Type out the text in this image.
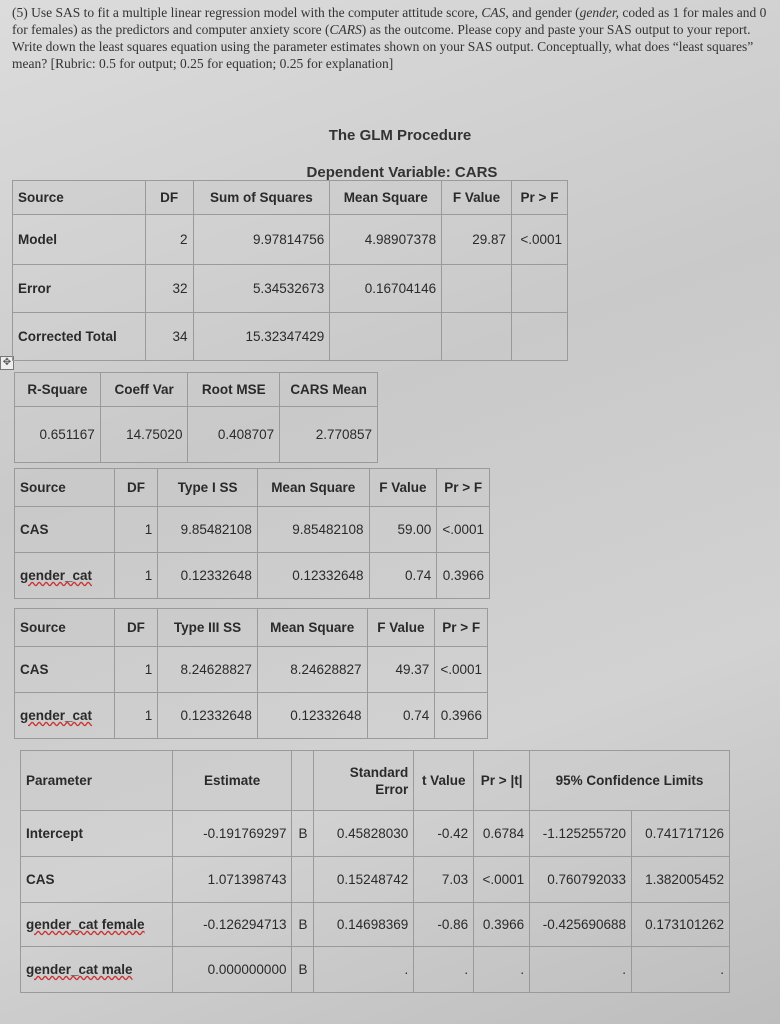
(5) Use SAS to fit a multiple linear regression model with the computer attitude score, CAS, and gender (gender, coded as 1 for males and 0 for females) as the predictors and computer anxiety score (CARS) as the outcome. Please copy and paste your SAS output to your report. Write down the least squares equation using the parameter estimates shown on your SAS output. Conceptually, what does “least squares” mean? [Rubric: 0.5 for output; 0.25 for equation; 0.25 for explanation]

The GLM Procedure
Dependent Variable: CARS
✥
Source	DF	Sum of Squares	Mean Square	F Value	Pr > F
Model	2	9.97814756	4.98907378	29.87	<.0001
Error	32	5.34532673	0.16704146		
Corrected Total	34	15.32347429			
R-Square	Coeff Var	Root MSE	CARS Mean
0.651167	14.75020	0.408707	2.770857
Source	DF	Type I SS	Mean Square	F Value	Pr > F
CAS	1	9.85482108	9.85482108	59.00	<.0001
gender_cat	1	0.12332648	0.12332648	0.74	0.3966
Source	DF	Type III SS	Mean Square	F Value	Pr > F
CAS	1	8.24628827	8.24628827	49.37	<.0001
gender_cat	1	0.12332648	0.12332648	0.74	0.3966
Parameter	Estimate		Standard Error	t Value	Pr > |t|	95% Confidence Limits	
Intercept	-0.191769297	B	0.45828030	-0.42	0.6784	-1.125255720	0.741717126
CAS	1.071398743		0.15248742	7.03	<.0001	0.760792033	1.382005452
gender_cat female	-0.126294713	B	0.14698369	-0.86	0.3966	-0.425690688	0.173101262
gender_cat male	0.000000000	B	.	.	.	.	.
